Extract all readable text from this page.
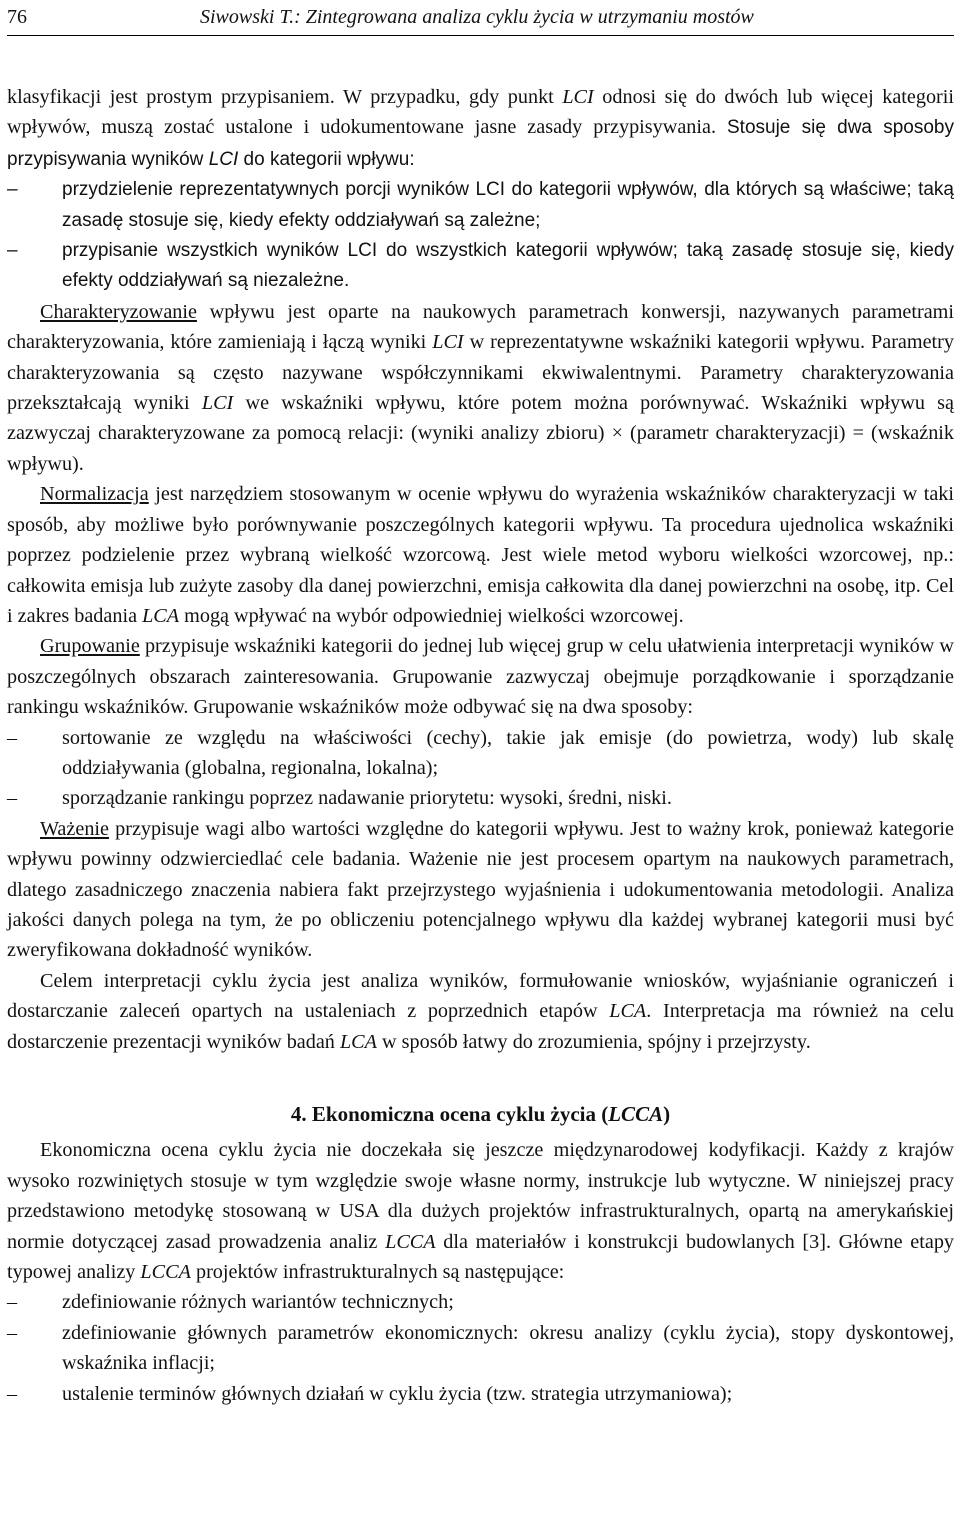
76	Siwowski T.: Zintegrowana analiza cyklu życia w utrzymaniu mostów

klasyfikacji jest prostym przypisaniem. W przypadku, gdy punkt LCI odnosi się do dwóch lub więcej kategorii wpływów, muszą zostać ustalone i udokumentowane jasne zasady przypisywania. Stosuje się dwa sposoby przypisywania wyników LCI do kategorii wpływu:

–	przydzielenie reprezentatywnych porcji wyników LCI do kategorii wpływów, dla których są właściwe; taką zasadę stosuje się, kiedy efekty oddziaływań są zależne;
–	przypisanie wszystkich wyników LCI do wszystkich kategorii wpływów; taką zasadę stosuje się, kiedy efekty oddziaływań są niezależne.

Charakteryzowanie wpływu jest oparte na naukowych parametrach konwersji, nazywanych parametrami charakteryzowania, które zamieniają i łączą wyniki LCI w reprezentatywne wskaźniki kategorii wpływu. Parametry charakteryzowania są często nazywane współczynnikami ekwiwalentnymi. Parametry charakteryzowania przekształcają wyniki LCI we wskaźniki wpływu, które potem można porównywać. Wskaźniki wpływu są zazwyczaj charakteryzowane za pomocą relacji: (wyniki analizy zbioru) × (parametr charakteryzacji) = (wskaźnik wpływu).

Normalizacja jest narzędziem stosowanym w ocenie wpływu do wyrażenia wskaźników charakteryzacji w taki sposób, aby możliwe było porównywanie poszczególnych kategorii wpływu. Ta procedura ujednolica wskaźniki poprzez podzielenie przez wybraną wielkość wzorcową. Jest wiele metod wyboru wielkości wzorcowej, np.: całkowita emisja lub zużyte zasoby dla danej powierzchni, emisja całkowita dla danej powierzchni na osobę, itp. Cel i zakres badania LCA mogą wpływać na wybór odpowiedniej wielkości wzorcowej.

Grupowanie przypisuje wskaźniki kategorii do jednej lub więcej grup w celu ułatwienia interpretacji wyników w poszczególnych obszarach zainteresowania. Grupowanie zazwyczaj obejmuje porządkowanie i sporządzanie rankingu wskaźników. Grupowanie wskaźników może odbywać się na dwa sposoby:

–	sortowanie ze względu na właściwości (cechy), takie jak emisje (do powietrza, wody) lub skalę oddziaływania (globalna, regionalna, lokalna);
–	sporządzanie rankingu poprzez nadawanie priorytetu: wysoki, średni, niski.

Ważenie przypisuje wagi albo wartości względne do kategorii wpływu. Jest to ważny krok, ponieważ kategorie wpływu powinny odzwierciedlać cele badania. Ważenie nie jest procesem opartym na naukowych parametrach, dlatego zasadniczego znaczenia nabiera fakt przejrzystego wyjaśnienia i udokumentowania metodologii. Analiza jakości danych polega na tym, że po obliczeniu potencjalnego wpływu dla każdej wybranej kategorii musi być zweryfikowana dokładność wyników.

Celem interpretacji cyklu życia jest analiza wyników, formułowanie wniosków, wyjaśnianie ograniczeń i dostarczanie zaleceń opartych na ustaleniach z poprzednich etapów LCA. Interpretacja ma również na celu dostarczenie prezentacji wyników badań LCA w sposób łatwy do zrozumienia, spójny i przejrzysty.

4. Ekonomiczna ocena cyklu życia (LCCA)

Ekonomiczna ocena cyklu życia nie doczekała się jeszcze międzynarodowej kodyfikacji. Każdy z krajów wysoko rozwiniętych stosuje w tym względzie swoje własne normy, instrukcje lub wytyczne. W niniejszej pracy przedstawiono metodykę stosowaną w USA dla dużych projektów infrastrukturalnych, opartą na amerykańskiej normie dotyczącej zasad prowadzenia analiz LCCA dla materiałów i konstrukcji budowlanych [3]. Główne etapy typowej analizy LCCA projektów infrastrukturalnych są następujące:

–	zdefiniowanie różnych wariantów technicznych;
–	zdefiniowanie głównych parametrów ekonomicznych: okresu analizy (cyklu życia), stopy dyskontowej, wskaźnika inflacji;
–	ustalenie terminów głównych działań w cyklu życia (tzw. strategia utrzymaniowa);
